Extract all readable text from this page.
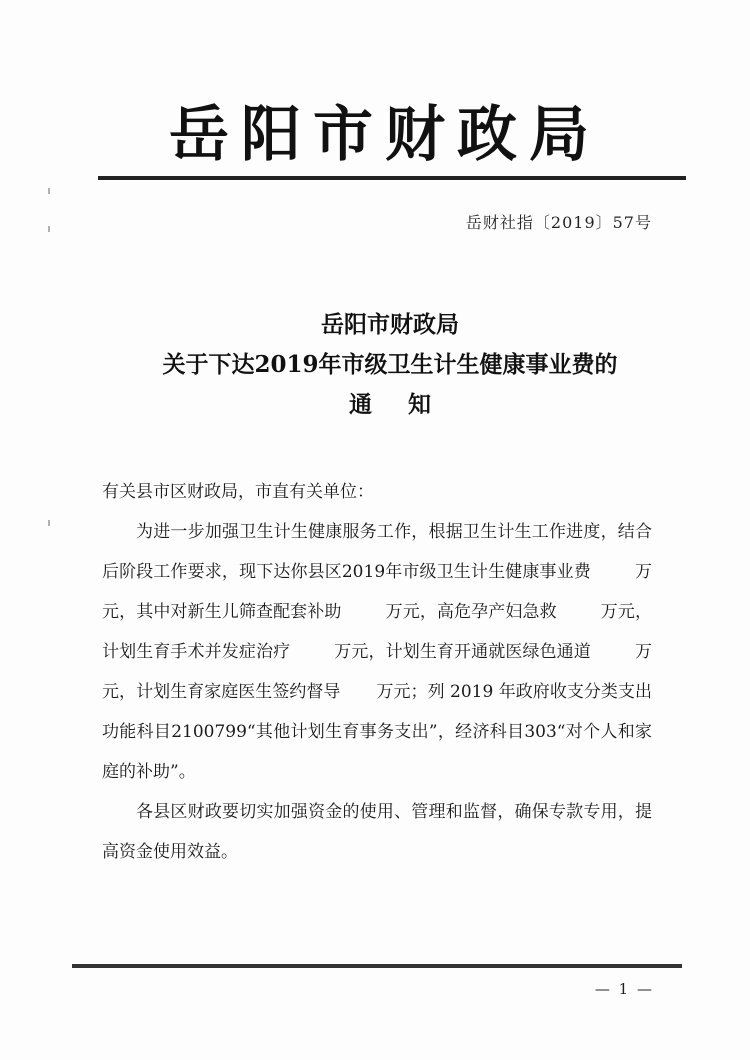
岳阳市财政局
岳财社指〔2019〕57号
岳阳市财政局
关于下达2019年市级卫生计生健康事业费的
通知

有关县市区财政局，市直有关单位：

为进一步加强卫生计生健康服务工作，根据卫生计生工作进度，结合后阶段工作要求，现下达你县区2019年市级卫生计生健康事业费	万元，其中对新生儿筛查配套补助	万元，高危孕产妇急救	万元，计划生育手术并发症治疗	万元，计划生育开通就医绿色通道	万元，计划生育家庭医生签约督导 万元；列 2019 年政府收支分类支出功能科目2100799“其他计划生育事务支出”，经济科目303“对个人和家庭的补助”。

各县区财政要切实加强资金的使用、管理和监督，确保专款专用，提高资金使用效益。

— 1 —
